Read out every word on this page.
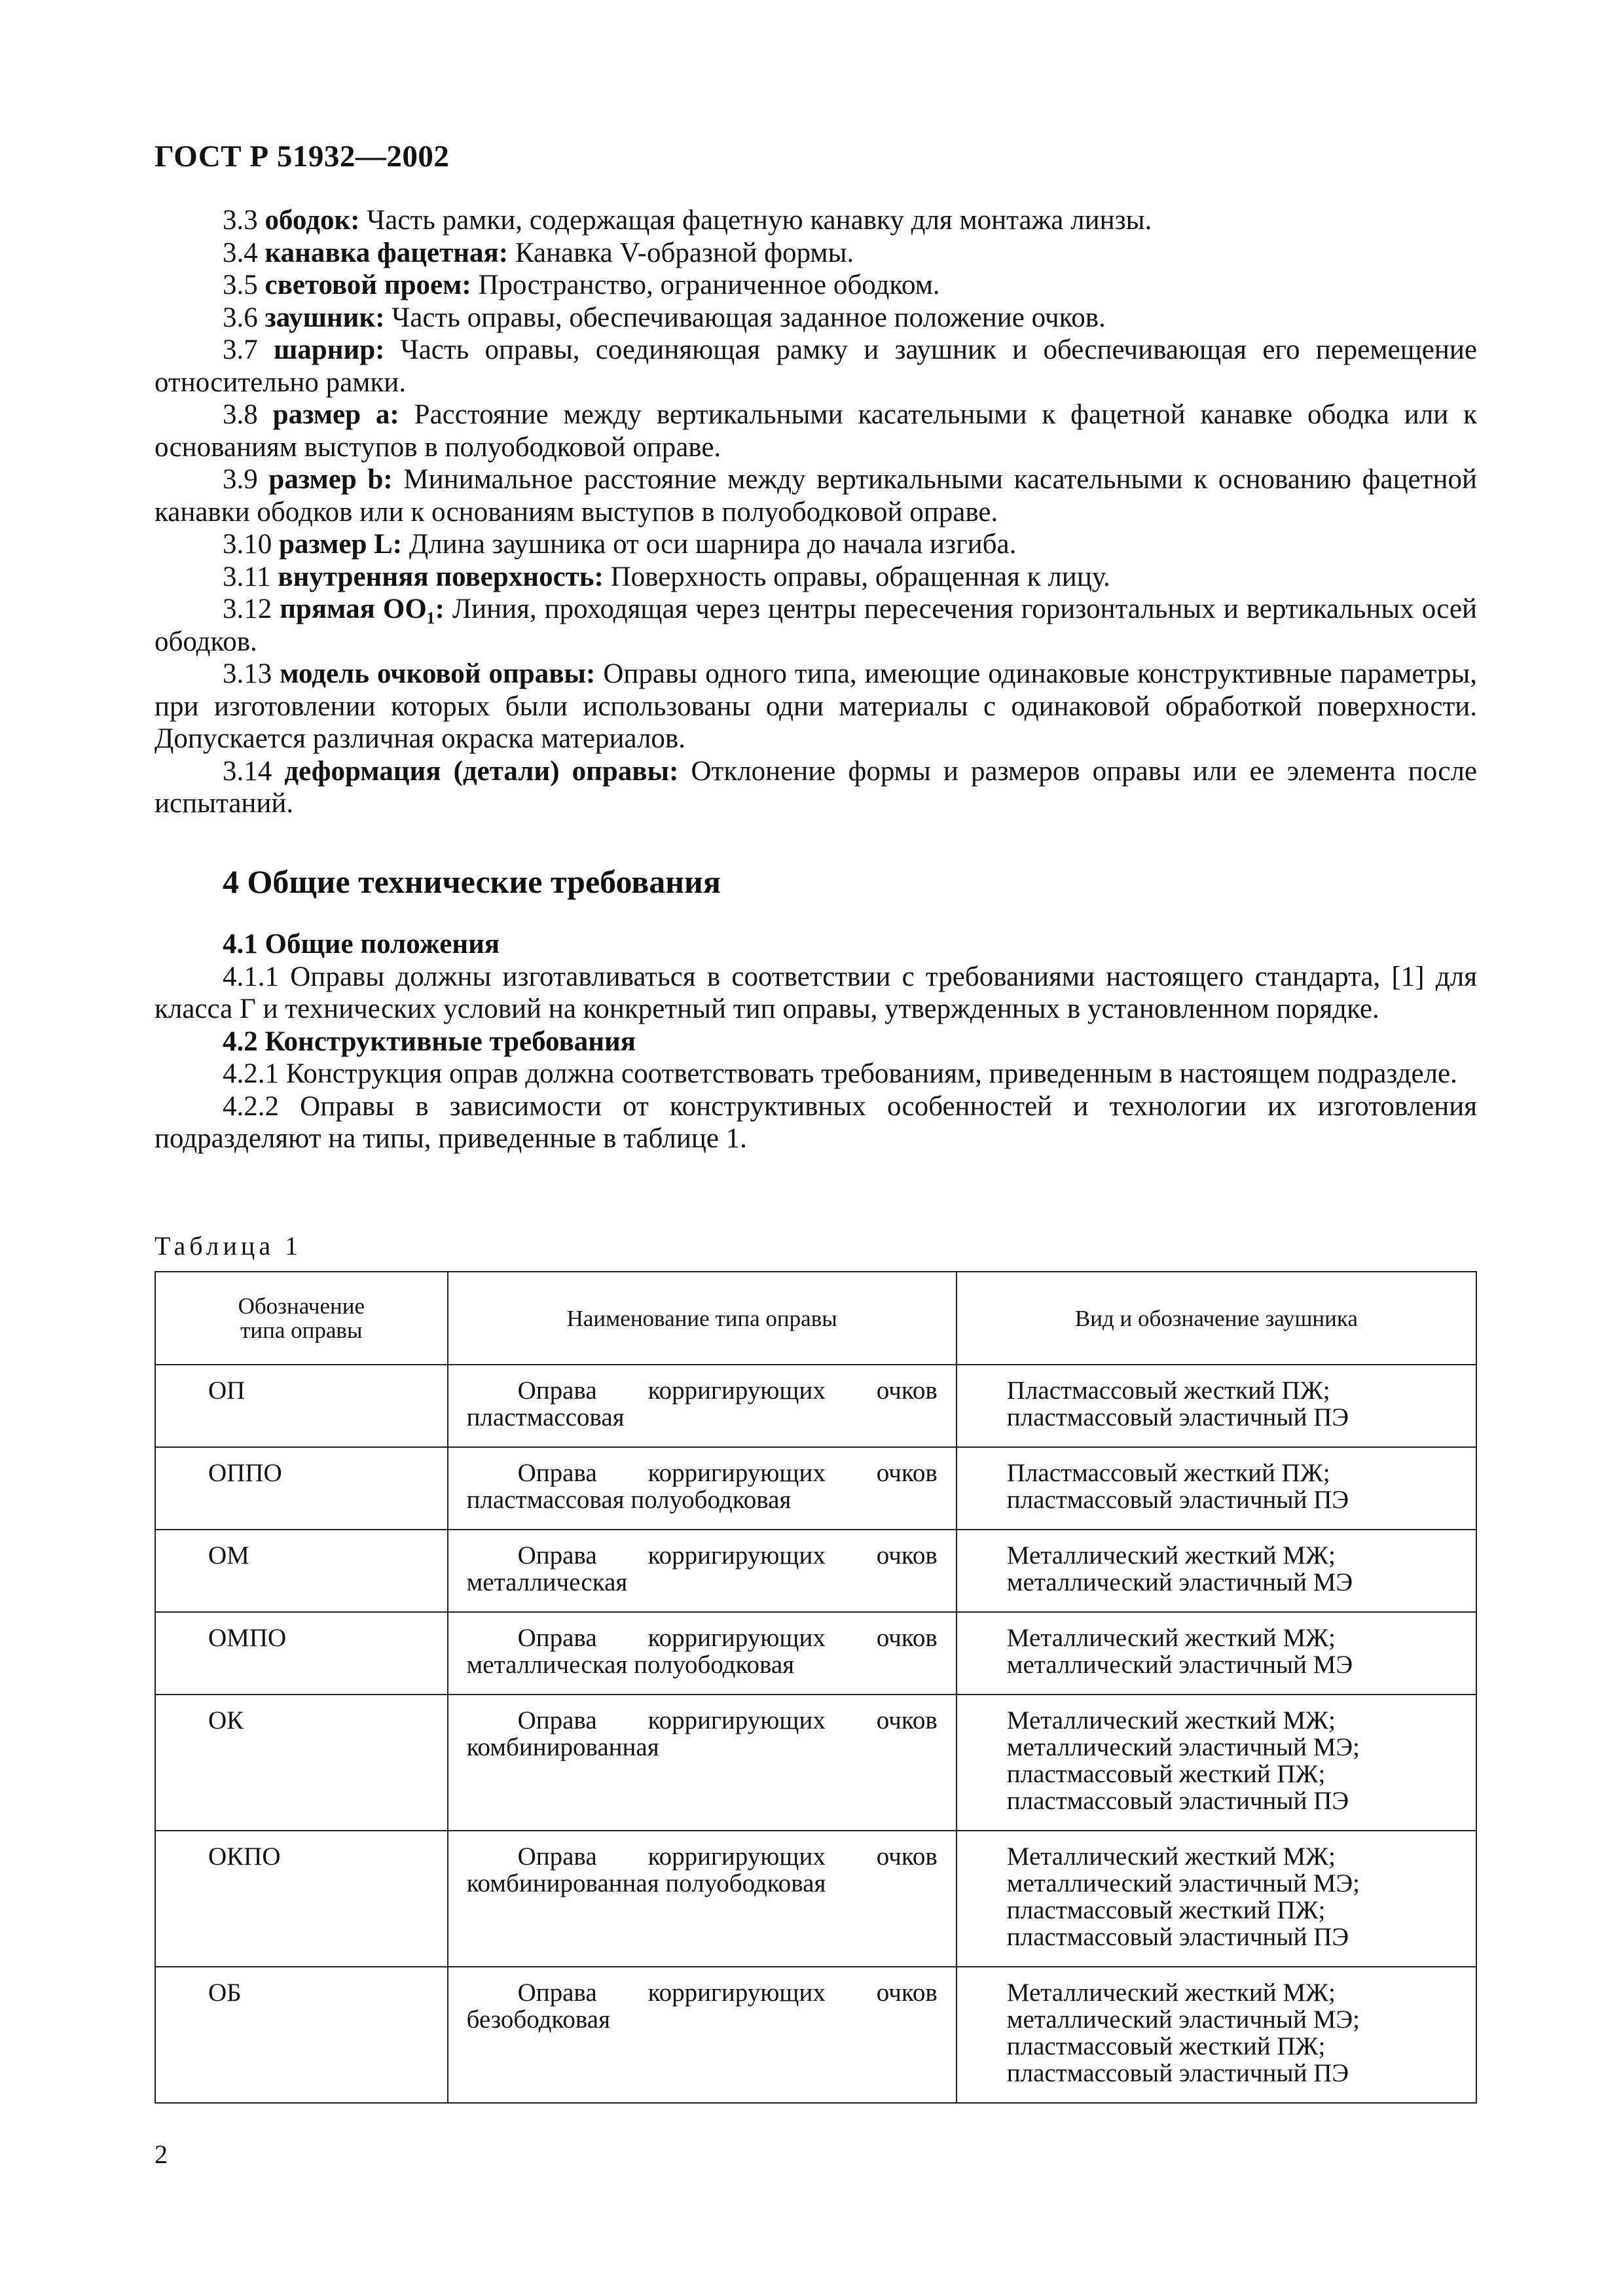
ГОСТ Р 51932—2002

3.3 ободок: Часть рамки, содержащая фацетную канавку для монтажа линзы.

3.4 канавка фацетная: Канавка V-образной формы.

3.5 световой проем: Пространство, ограниченное ободком.

3.6 заушник: Часть оправы, обеспечивающая заданное положение очков.

3.7 шарнир: Часть оправы, соединяющая рамку и заушник и обеспечивающая его перемещение относительно рамки.

3.8 размер a: Расстояние между вертикальными касательными к фацетной канавке ободка или к основаниям выступов в полуободковой оправе.

3.9 размер b: Минимальное расстояние между вертикальными касательными к основанию фацетной канавки ободков или к основаниям выступов в полуободковой оправе.

3.10 размер L: Длина заушника от оси шарнира до начала изгиба.

3.11 внутренняя поверхность: Поверхность оправы, обращенная к лицу.

3.12 прямая OO₁: Линия, проходящая через центры пересечения горизонтальных и вертикальных осей ободков.

3.13 модель очковой оправы: Оправы одного типа, имеющие одинаковые конструктивные параметры, при изготовлении которых были использованы одни материалы с одинаковой обработкой поверхности. Допускается различная окраска материалов.

3.14 деформация (детали) оправы: Отклонение формы и размеров оправы или ее элемента после испытаний.

4 Общие технические требования

4.1 Общие положения

4.1.1 Оправы должны изготавливаться в соответствии с требованиями настоящего стандарта, [1] для класса Г и технических условий на конкретный тип оправы, утвержденных в установленном порядке.

4.2 Конструктивные требования

4.2.1 Конструкция оправ должна соответствовать требованиям, приведенным в настоящем подразделе.

4.2.2 Оправы в зависимости от конструктивных особенностей и технологии их изготовления подразделяют на типы, приведенные в таблице 1.

Таблица 1
Обозначение
типа оправы	Наименование типа оправы	Вид и обозначение заушника
ОП	Оправа корригирующих очков пластмассовая	Пластмассовый жесткий ПЖ;
пластмассовый эластичный ПЭ
ОППО	Оправа корригирующих очков пластмассовая полуободковая	Пластмассовый жесткий ПЖ;
пластмассовый эластичный ПЭ
ОМ	Оправа корригирующих очков металлическая	Металлический жесткий МЖ;
металлический эластичный МЭ
ОМПО	Оправа корригирующих очков металлическая полуободковая	Металлический жесткий МЖ;
металлический эластичный МЭ
ОК	Оправа корригирующих очков комбинированная	Металлический жесткий МЖ;
металлический эластичный МЭ;
пластмассовый жесткий ПЖ;
пластмассовый эластичный ПЭ
ОКПО	Оправа корригирующих очков комбинированная полуободковая	Металлический жесткий МЖ;
металлический эластичный МЭ;
пластмассовый жесткий ПЖ;
пластмассовый эластичный ПЭ
ОБ	Оправа корригирующих очков безободковая	Металлический жесткий МЖ;
металлический эластичный МЭ;
пластмассовый жесткий ПЖ;
пластмассовый эластичный ПЭ
2
